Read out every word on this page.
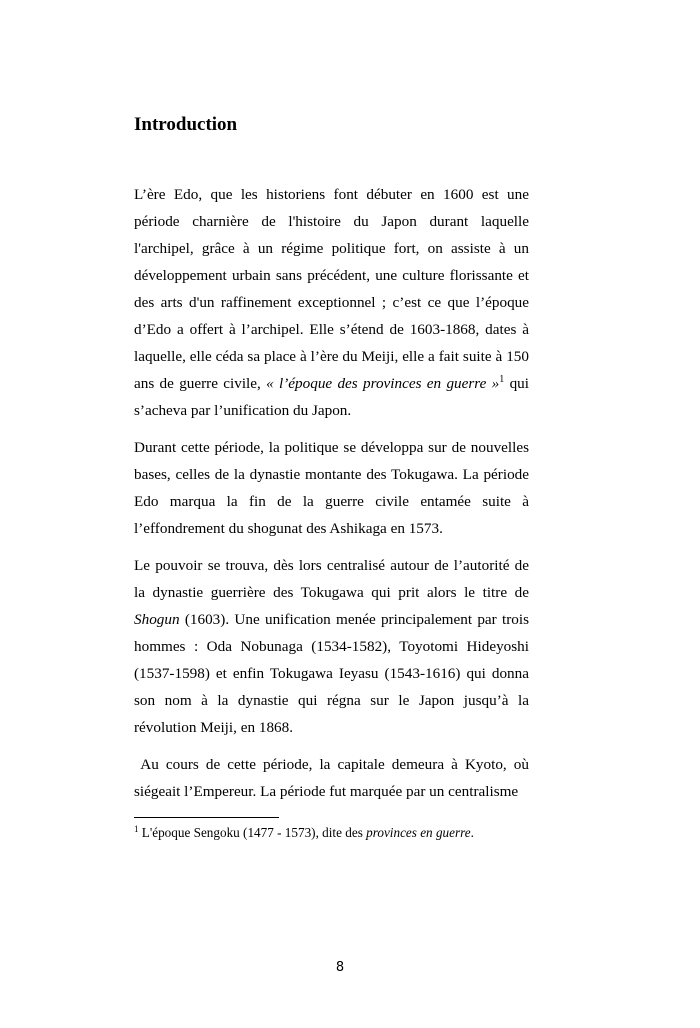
Introduction

L’ère Edo, que les historiens font débuter en 1600 est une période charnière de l'histoire du Japon durant laquelle l'archipel, grâce à un régime politique fort, on assiste à un développement urbain sans précédent, une culture florissante et des arts d'un raffinement exceptionnel ; c’est ce que l’époque d’Edo a offert à l’archipel. Elle s’étend de 1603-1868, dates à laquelle, elle céda sa place à l’ère du Meiji, elle a fait suite à 150 ans de guerre civile, « l’époque des provinces en guerre »$^1$ qui s’acheva par l’unification du Japon.

Durant cette période, la politique se développa sur de nouvelles bases, celles de la dynastie montante des Tokugawa. La période Edo marqua la fin de la guerre civile entamée suite à l’effondrement du shogunat des Ashikaga en 1573.

Le pouvoir se trouva, dès lors centralisé autour de l’autorité de la dynastie guerrière des Tokugawa qui prit alors le titre de Shogun (1603). Une unification menée principalement par trois hommes : Oda Nobunaga (1534-1582), Toyotomi Hideyoshi (1537-1598) et enfin Tokugawa Ieyasu (1543-1616) qui donna son nom à la dynastie qui régna sur le Japon jusqu’à la révolution Meiji, en 1868.

Au cours de cette période, la capitale demeura à Kyoto, où siégeait l’Empereur. La période fut marquée par un centralisme

$^1$ L'époque Sengoku (1477 - 1573), dite des provinces en guerre.

8
